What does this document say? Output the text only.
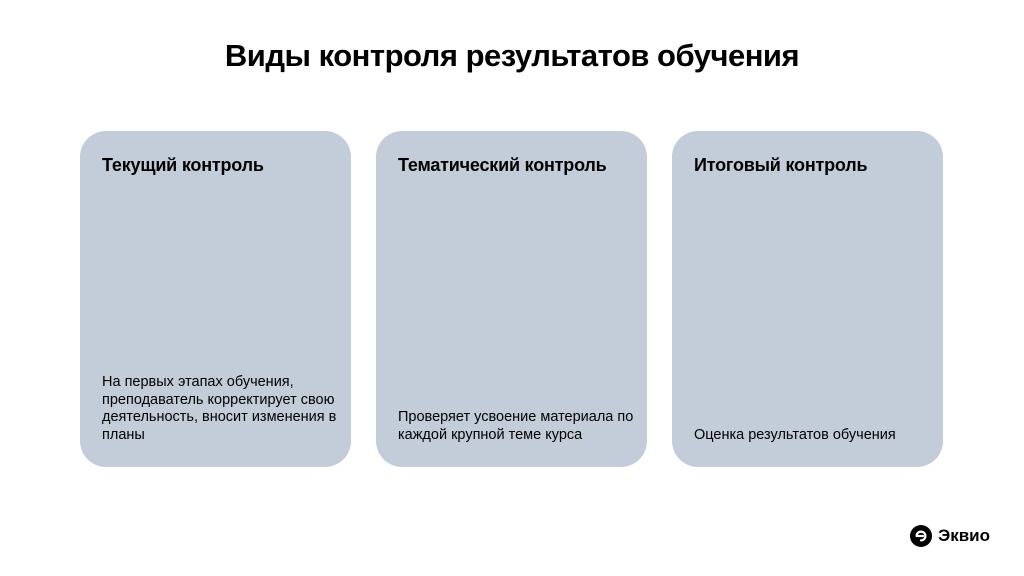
Виды контроля результатов обучения
Текущий контроль

На первых этапах обучения, преподаватель корректирует свою деятельность, вносит изменения в планы

Тематический контроль

Проверяет усвоение материала по каждой крупной теме курса

Итоговый контроль

Оценка результатов обучения

Эквио
